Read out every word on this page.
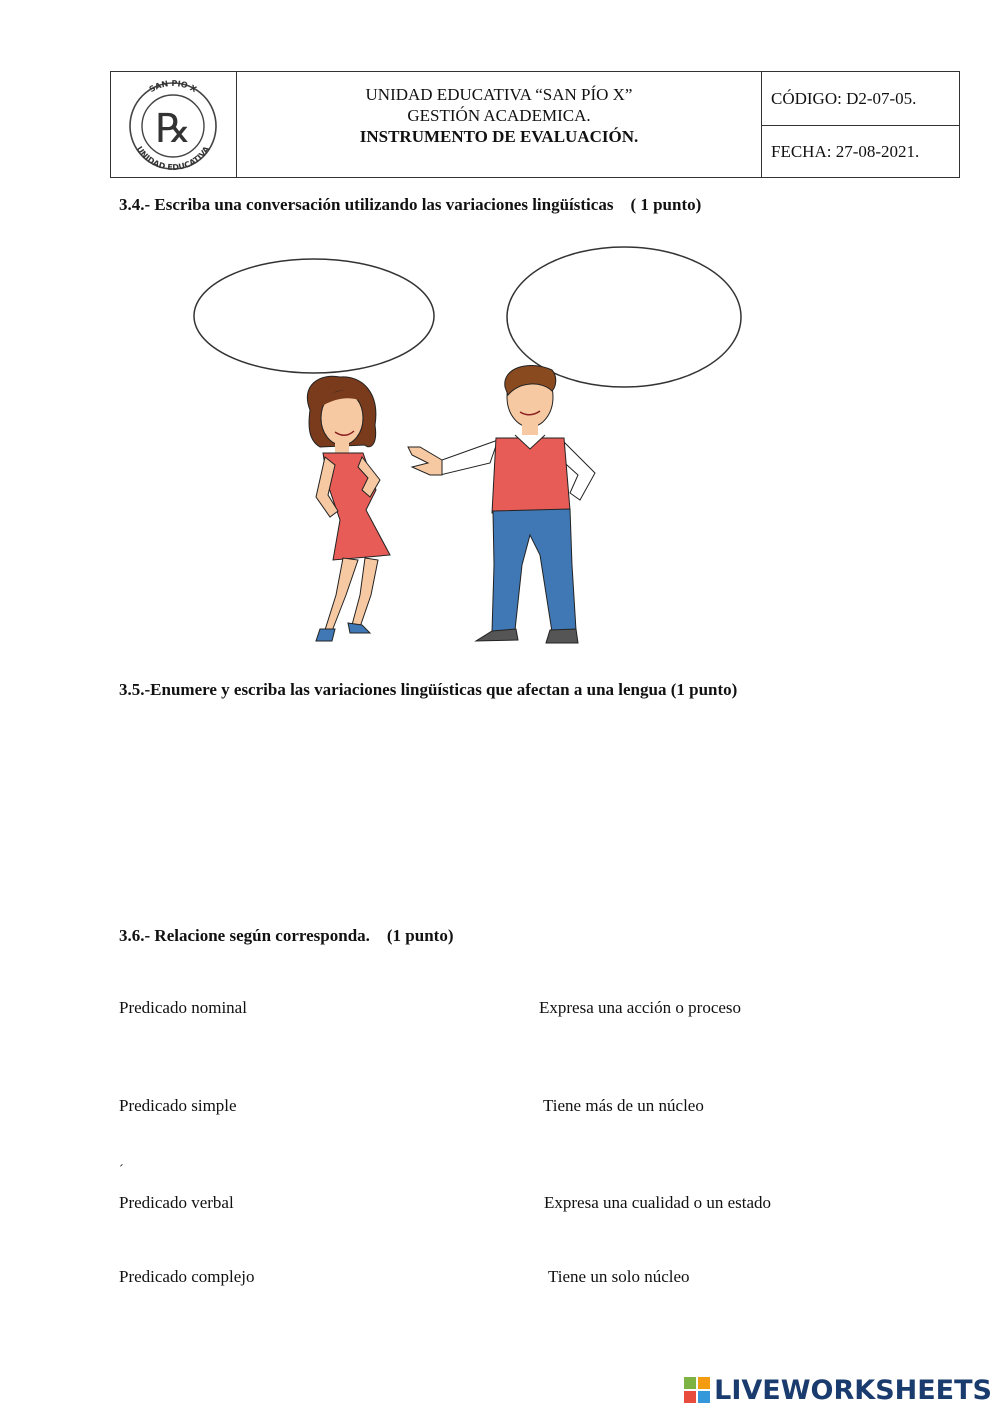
SAN PIO X
UNIDAD EDUCATIVA
℞
UNIDAD EDUCATIVA “SAN PÍO X”
GESTIÓN ACADEMICA.
INSTRUMENTO DE EVALUACIÓN.
CÓDIGO: D2-07-05.
FECHA: 27-08-2021.
3.4.- Escriba una conversación utilizando las variaciones lingüísticas    ( 1 punto)
3.5.-Enumere y escriba las variaciones lingüísticas que afectan a una lengua (1 punto)
3.6.- Relacione según corresponda.    (1 punto)
Predicado nominal	Expresa una acción o proceso
Predicado simple	Tiene más de un núcleo
´
Predicado verbal	Expresa una cualidad o un estado
Predicado complejo	Tiene un solo núcleo
LIVEWORKSHEETS
